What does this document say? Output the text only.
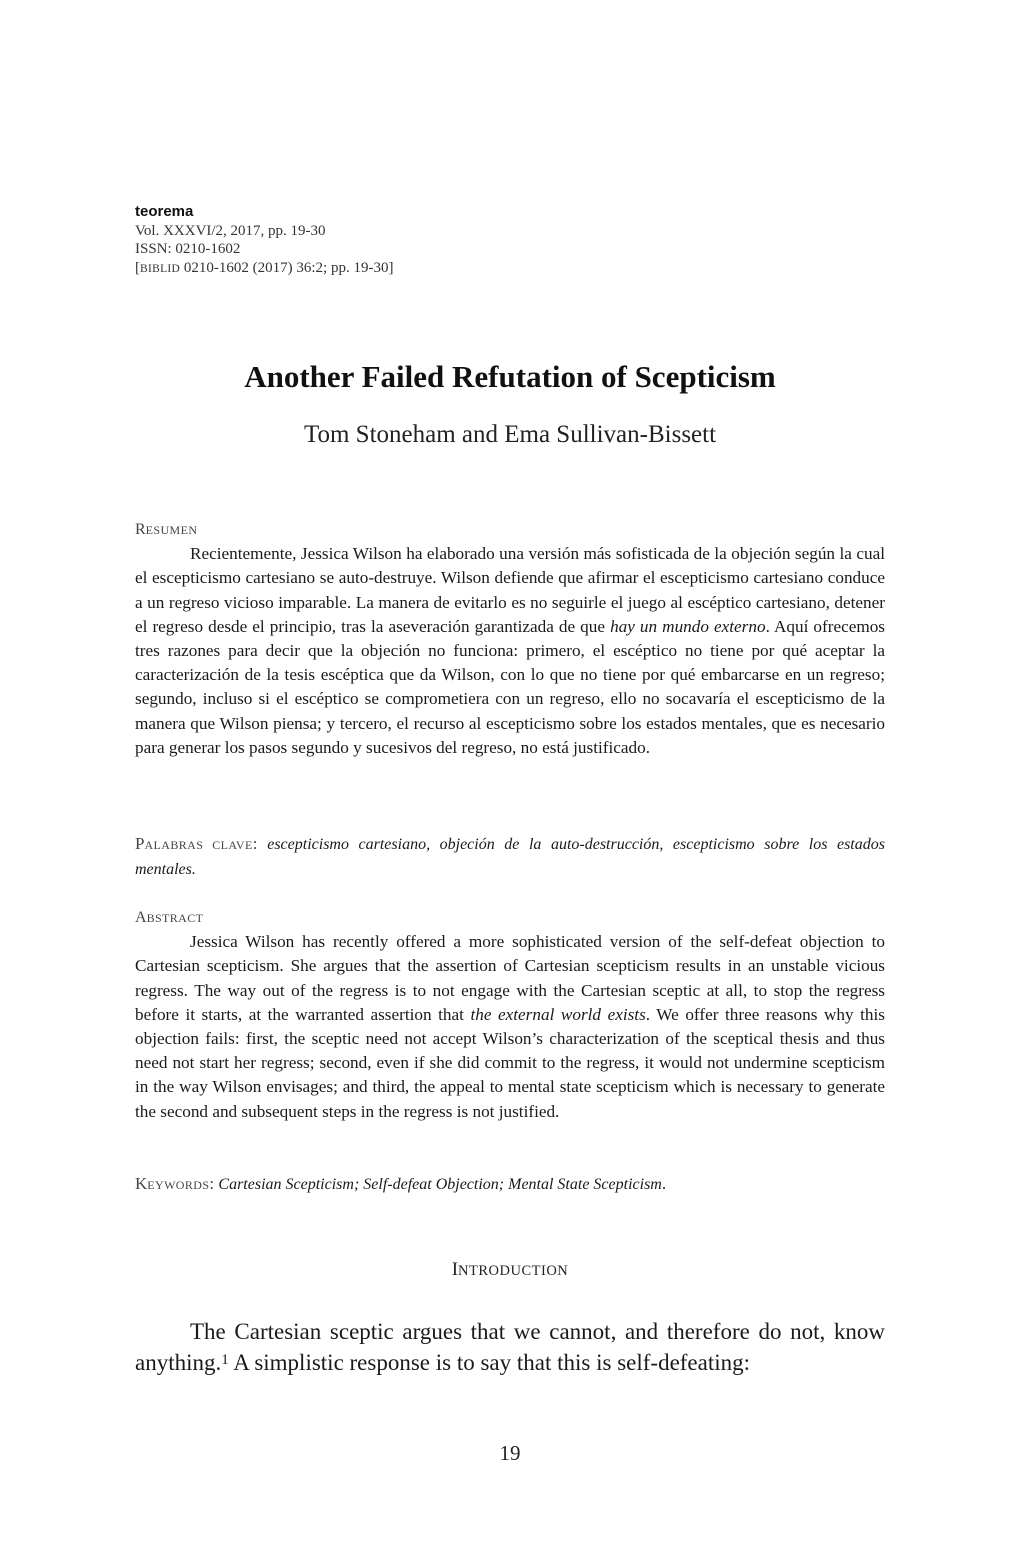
teorema
Vol. XXXVI/2, 2017, pp. 19-30
ISSN: 0210-1602
[BIBLID 0210-1602 (2017) 36:2; pp. 19-30]
Another Failed Refutation of Scepticism
Tom Stoneham and Ema Sullivan-Bissett
RESUMEN

Recientemente, Jessica Wilson ha elaborado una versión más sofisticada de la objeción según la cual el escepticismo cartesiano se auto-destruye. Wilson defiende que afirmar el escepticismo cartesiano conduce a un regreso vicioso imparable. La manera de evitarlo es no seguirle el juego al escéptico cartesiano, detener el regreso desde el principio, tras la aseveración garantizada de que hay un mundo externo. Aquí ofrecemos tres razones para decir que la objeción no funciona: primero, el escéptico no tiene por qué aceptar la caracterización de la tesis escéptica que da Wilson, con lo que no tiene por qué embarcarse en un regreso; segundo, incluso si el escéptico se comprometiera con un regreso, ello no socavaría el escepticismo de la manera que Wilson piensa; y tercero, el recurso al escepticismo sobre los estados mentales, que es necesario para generar los pasos segundo y sucesivos del regreso, no está justificado.

PALABRAS CLAVE: escepticismo cartesiano, objeción de la auto-destrucción, escepticismo sobre los estados mentales.
ABSTRACT

Jessica Wilson has recently offered a more sophisticated version of the self-defeat objection to Cartesian scepticism. She argues that the assertion of Cartesian scepticism results in an unstable vicious regress. The way out of the regress is to not engage with the Cartesian sceptic at all, to stop the regress before it starts, at the warranted assertion that the external world exists. We offer three reasons why this objection fails: first, the sceptic need not accept Wilson’s characterization of the sceptical thesis and thus need not start her regress; second, even if she did commit to the regress, it would not undermine scepticism in the way Wilson envisages; and third, the appeal to mental state scepticism which is necessary to generate the second and subsequent steps in the regress is not justified.

KEYWORDS: Cartesian Scepticism; Self-defeat Objection; Mental State Scepticism.
INTRODUCTION

The Cartesian sceptic argues that we cannot, and therefore do not, know anything.$^1$ A simplistic response is to say that this is self-defeating:

19
